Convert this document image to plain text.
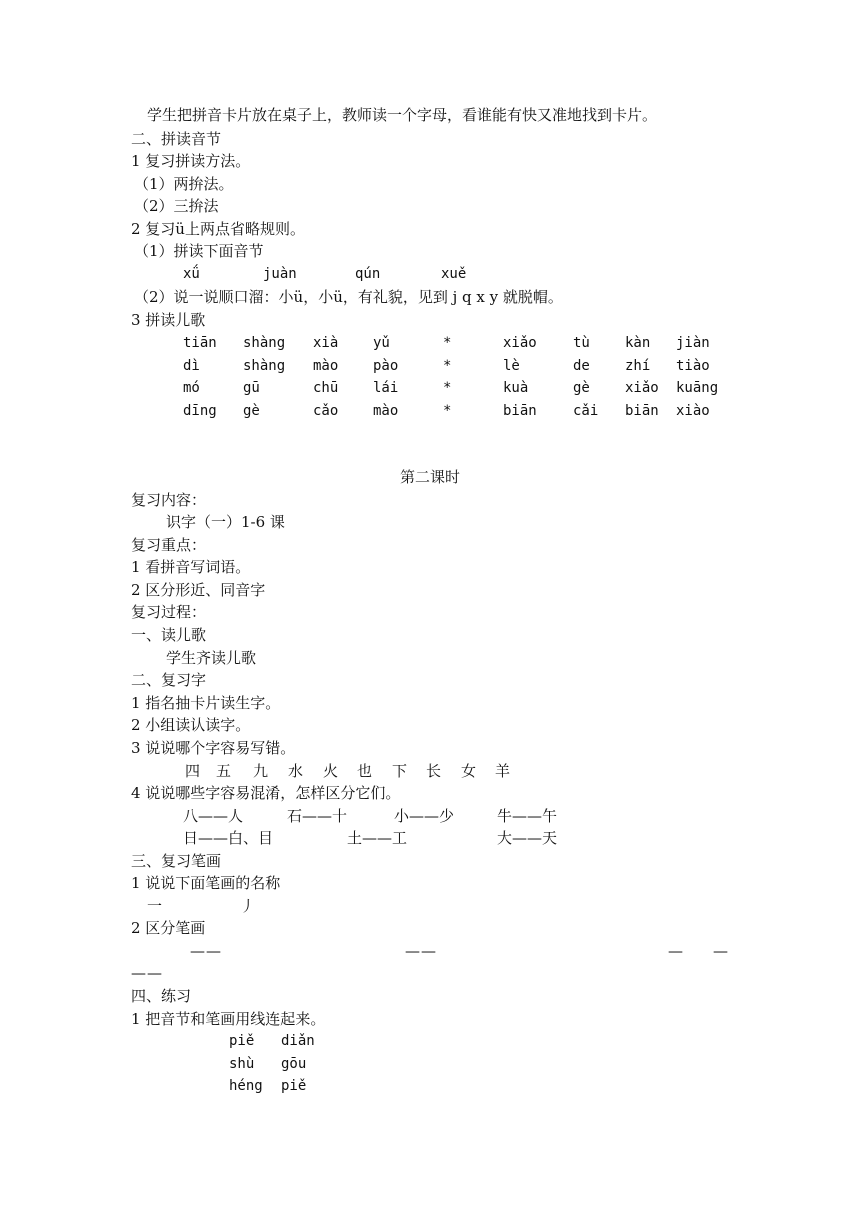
学生把拼音卡片放在桌子上，教师读一个字母，看谁能有快又准地找到卡片。
二、拼读音节
1 复习拼读方法。
（1）两拚法。
（2）三拚法
2 复习ü上两点省略规则。
（1）拼读下面音节
xǘ	juàn	qún	xuě
（2）说一说顺口溜：小ü，小ü，有礼貌，见到 j q x y 就脱帽。
3 拼读儿歌
tiān shàng xià yǔ	*	xiǎo	tù	kàn jiàn
dì	shàng mào pào	*	lè	de	zhí tiào
mó	gū	chū lái	*	kuà	gè	xiǎo kuāng
dīng gè	cǎo mào	*	biān	cǎi biān xiào
第二课时
复习内容：
识字（一）1-6 课
复习重点：
1 看拼音写词语。
2 区分形近、同音字
复习过程：
一、读儿歌
学生齐读儿歌
二、复习字
1 指名抽卡片读生字。
2 小组读认读字。
3 说说哪个字容易写错。
四 五 九 水 火 也 下 长 女 羊
4 说说哪些字容易混淆，怎样区分它们。
八——人	石——十	小——少	牛——午
日——白、目	土——工	大——天
三、复习笔画
1 说说下面笔画的名称
一	丿
2 区分笔画
——	——	— —
——
四、练习
1 把音节和笔画用线连起来。
piě diǎn
shù gōu
héng piě
